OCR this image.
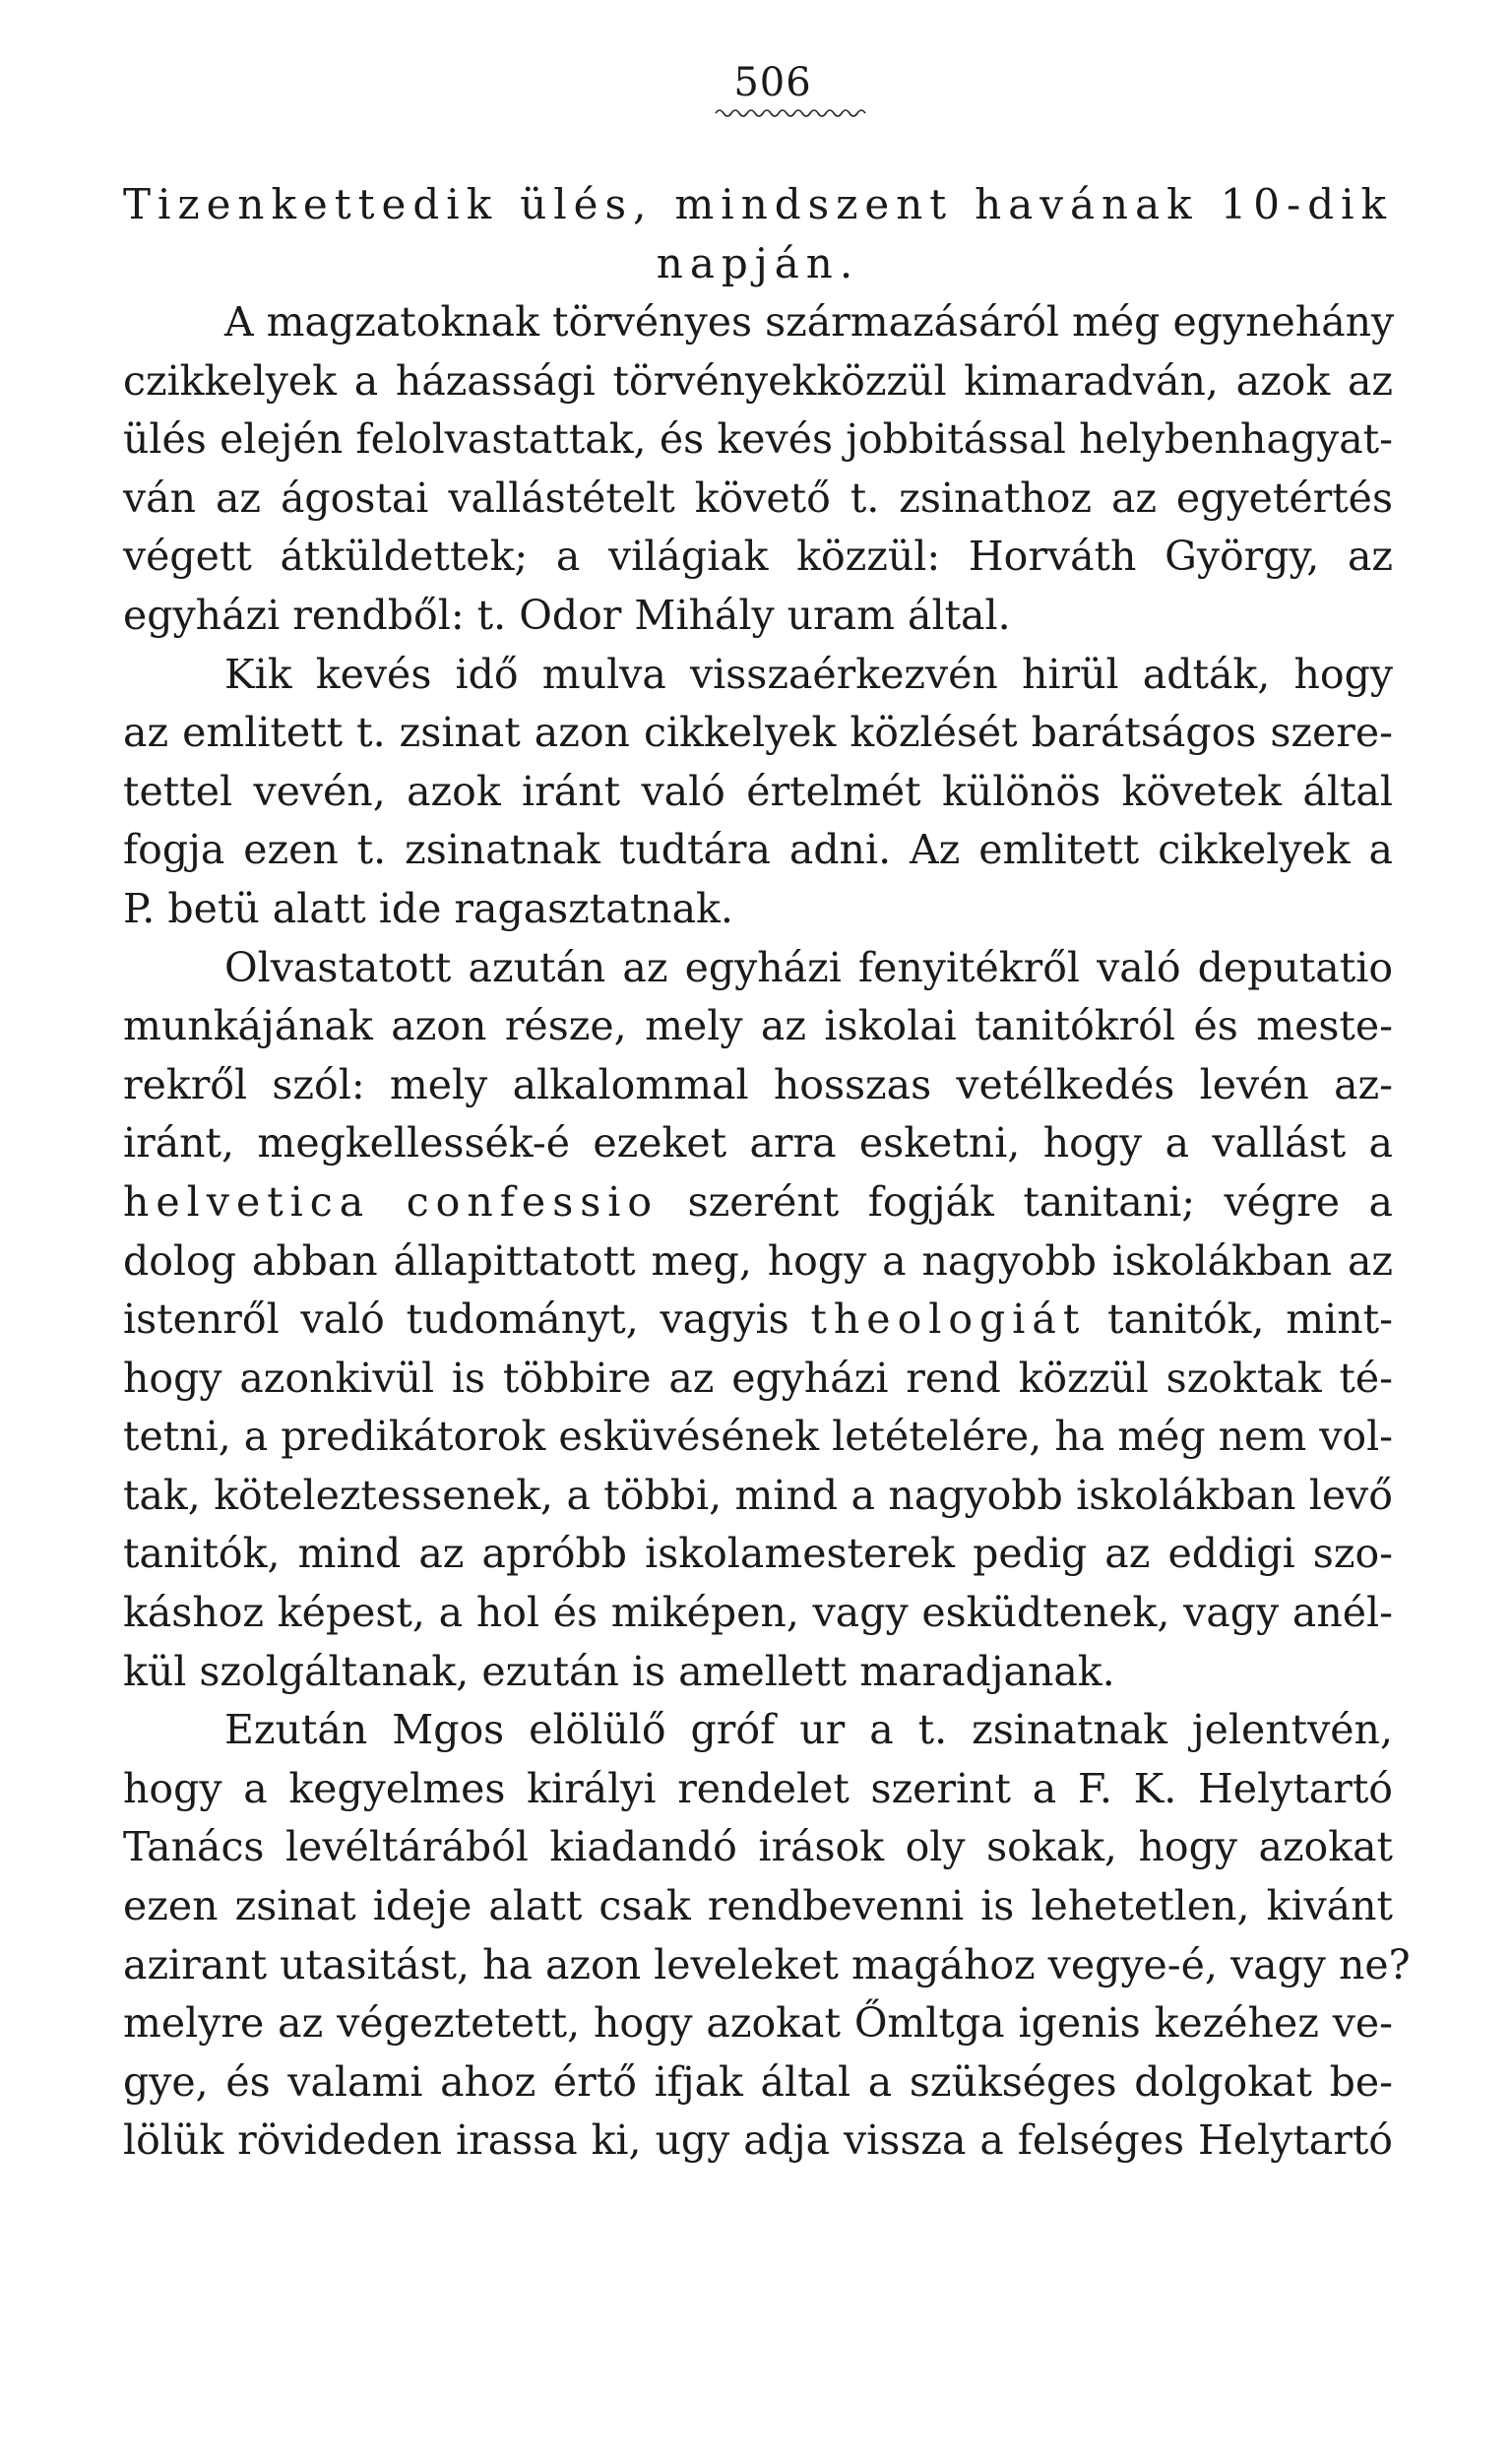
506
Tizenkettedik ülés, mindszent havának 10-dik
napján.

A magzatoknak törvényes származásáról még egynehány
czikkelyek a házassági törvényekközzül kimaradván, azok az
ülés elején felolvastattak, és kevés jobbitással helybenhagyat-
ván az ágostai vallástételt követő t. zsinathoz az egyetértés
végett átküldettek; a világiak közzül: Horváth György, az
egyházi rendből: t. Odor Mihály uram által.

Kik kevés idő mulva visszaérkezvén hirül adták, hogy
az emlitett t. zsinat azon cikkelyek közlését barátságos szere-
tettel vevén, azok iránt való értelmét különös követek által
fogja ezen t. zsinatnak tudtára adni. Az emlitett cikkelyek a
P. betü alatt ide ragasztatnak.

Olvastatott azután az egyházi fenyitékről való deputatio
munkájának azon része, mely az iskolai tanitókról és meste-
rekről szól: mely alkalommal hosszas vetélkedés levén az-
iránt, megkellessék-é ezeket arra esketni, hogy a vallást a
helvetica confessio szerént fogják tanitani; végre a
dolog abban állapittatott meg, hogy a nagyobb iskolákban az
istenről való tudományt, vagyis theologiát tanitók, mint-
hogy azonkivül is többire az egyházi rend közzül szoktak té-
tetni, a predikátorok esküvésének letételére, ha még nem vol-
tak, köteleztessenek, a többi, mind a nagyobb iskolákban levő
tanitók, mind az apróbb iskolamesterek pedig az eddigi szo-
káshoz képest, a hol és miképen, vagy esküdtenek, vagy anél-
kül szolgáltanak, ezután is amellett maradjanak.

Ezután Mgos elölülő gróf ur a t. zsinatnak jelentvén,
hogy a kegyelmes királyi rendelet szerint a F. K. Helytartó
Tanács levéltárából kiadandó irások oly sokak, hogy azokat
ezen zsinat ideje alatt csak rendbevenni is lehetetlen, kivánt
azirant utasitást, ha azon leveleket magához vegye-é, vagy ne?
melyre az végeztetett, hogy azokat Őmltga igenis kezéhez ve-
gye, és valami ahoz értő ifjak által a szükséges dolgokat be-
lölük rövideden irassa ki, ugy adja vissza a felséges Helytartó
